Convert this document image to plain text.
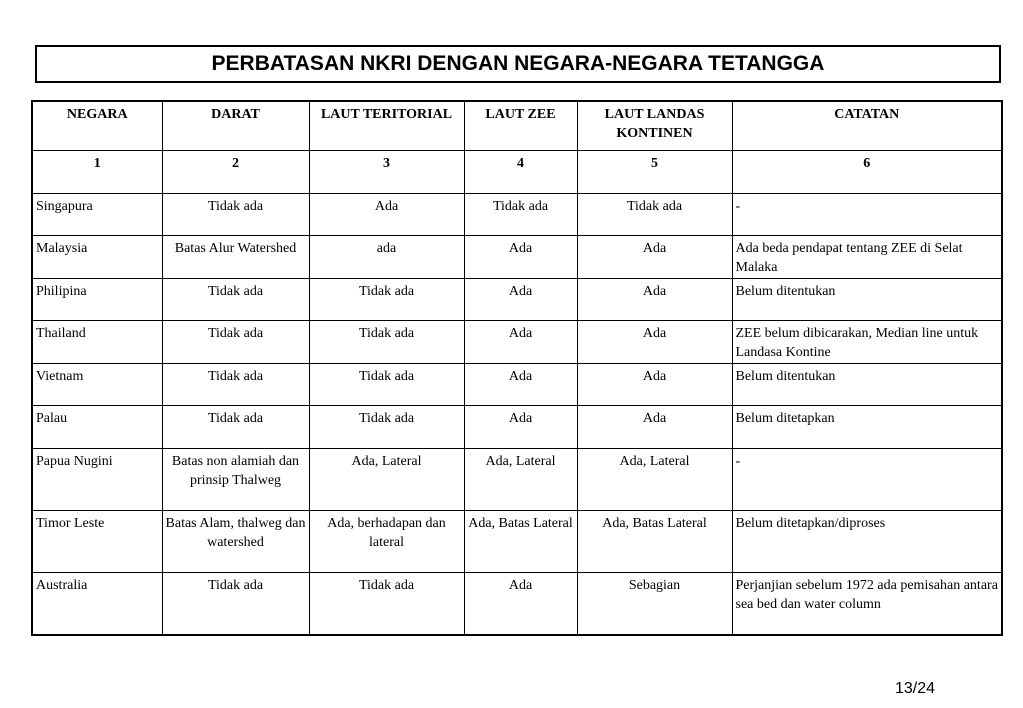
PERBATASAN NKRI DENGAN NEGARA-NEGARA TETANGGA
NEGARA	DARAT	LAUT TERITORIAL	LAUT ZEE	LAUT LANDAS KONTINEN	CATATAN
1	2	3	4	5	6
Singapura	Tidak ada	Ada	Tidak ada	Tidak ada	-
Malaysia	Batas Alur Watershed	ada	Ada	Ada	Ada beda pendapat tentang ZEE di Selat Malaka
Philipina	Tidak ada	Tidak ada	Ada	Ada	Belum ditentukan
Thailand	Tidak ada	Tidak ada	Ada	Ada	ZEE belum dibicarakan, Median line untuk Landasa Kontine
Vietnam	Tidak ada	Tidak ada	Ada	Ada	Belum ditentukan
Palau	Tidak ada	Tidak ada	Ada	Ada	Belum ditetapkan
Papua Nugini	Batas non alamiah dan prinsip Thalweg	Ada, Lateral	Ada, Lateral	Ada, Lateral	-
Timor Leste	Batas Alam, thalweg dan watershed	Ada, berhadapan dan lateral	Ada, Batas Lateral	Ada, Batas Lateral	Belum ditetapkan/diproses
Australia	Tidak ada	Tidak ada	Ada	Sebagian	Perjanjian sebelum 1972 ada pemisahan antara sea bed dan water column
13/24
